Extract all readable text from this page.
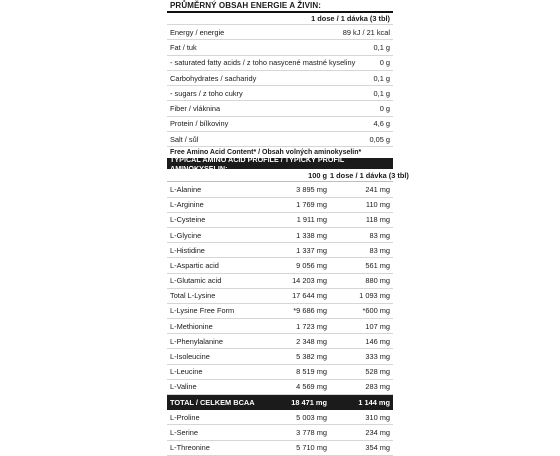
PRŮMĚRNÝ OBSAH ENERGIE A ŽIVIN:
1 dose / 1 dávka (3 tbl)
Energy / energie	89 kJ / 21 kcal
Fat / tuk	0,1 g
- saturated fatty acids / z toho nasycené mastné kyseliny	0 g
Carbohydrates / sacharidy	0,1 g
- sugars / z toho cukry	0,1 g
Fiber / vláknina	0 g
Protein / bílkoviny	4,6 g
Salt / sůl	0,05 g
Free Amino Acid Content* / Obsah volných aminokyselin*
TYPICAL AMINO ACID PROFILE / TYPICKÝ PROFIL AMINOKYSELIN:
100 g 1 dose / 1 dávka (3 tbl)
L-Alanine	3 895 mg	241 mg
L-Arginine	1 769 mg	110 mg
L-Cysteine	1 911 mg	118 mg
L-Glycine	1 338 mg	83 mg
L-Histidine	1 337 mg	83 mg
L-Aspartic acid	9 056 mg	561 mg
L-Glutamic acid	14 203 mg	880 mg
Total L-Lysine	17 644 mg	1 093 mg
L-Lysine Free Form	*9 686 mg	*600 mg
L-Methionine	1 723 mg	107 mg
L-Phenylalanine	2 348 mg	146 mg
L-Isoleucine	5 382 mg	333 mg
L-Leucine	8 519 mg	528 mg
L-Valine	4 569 mg	283 mg
TOTAL / CELKEM BCAA	18 471 mg	1 144 mg
L-Proline	5 003 mg	310 mg
L-Serine	3 778 mg	234 mg
L-Threonine	5 710 mg	354 mg
